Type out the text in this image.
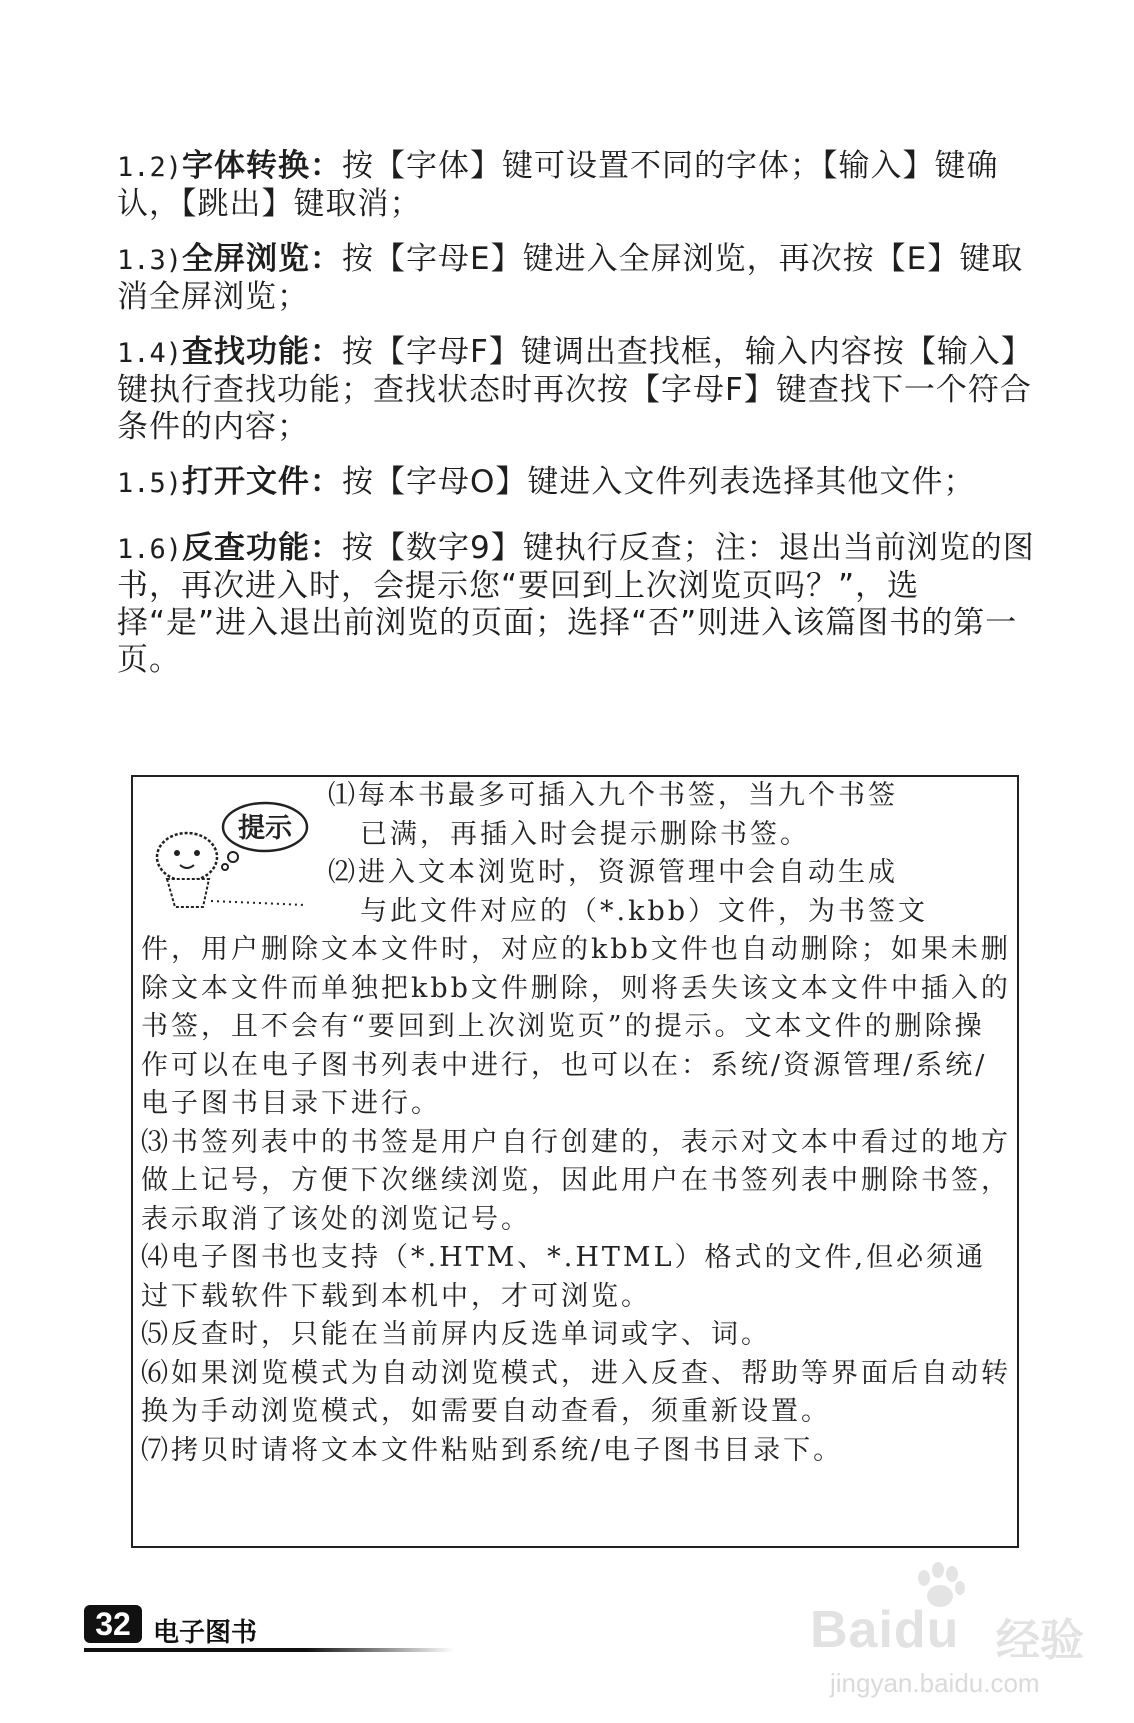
1.2)字体转换：按【字体】键可设置不同的字体；【输入】键确认，【跳出】键取消；
1.3)全屏浏览：按【字母E】键进入全屏浏览，再次按【E】键取消全屏浏览；
1.4)查找功能：按【字母F】键调出查找框，输入内容按【输入】键执行查找功能；查找状态时再次按【字母F】键查找下一个符合条件的内容；
1.5)打开文件：按【字母O】键进入文件列表选择其他文件；
1.6)反查功能：按【数字9】键执行反查；注：退出当前浏览的图书，再次进入时，会提示您“要回到上次浏览页吗？”，选择“是”进入退出前浏览的页面；选择“否”则进入该篇图书的第一页。
提示

⑴每本书最多可插入九个书签，当九个书签

已满，再插入时会提示删除书签。

⑵进入文本浏览时，资源管理中会自动生成

与此文件对应的（*.kbb）文件，为书签文

件，用户删除文本文件时，对应的kbb文件也自动删除；如果未删除文本文件而单独把kbb文件删除，则将丢失该文本文件中插入的书签，且不会有“要回到上次浏览页”的提示。文本文件的删除操作可以在电子图书列表中进行，也可以在：系统/资源管理/系统/电子图书目录下进行。

⑶书签列表中的书签是用户自行创建的，表示对文本中看过的地方做上记号，方便下次继续浏览，因此用户在书签列表中删除书签，表示取消了该处的浏览记号。

⑷电子图书也支持（*.HTM、*.HTML）格式的文件,但必须通过下载软件下载到本机中，才可浏览。

⑸反查时，只能在当前屏内反选单词或字、词。

⑹如果浏览模式为自动浏览模式，进入反查、帮助等界面后自动转换为手动浏览模式，如需要自动查看，须重新设置。

⑺拷贝时请将文本文件粘贴到系统/电子图书目录下。

32 电子图书	Baidu 经验
jingyan.baidu.com
